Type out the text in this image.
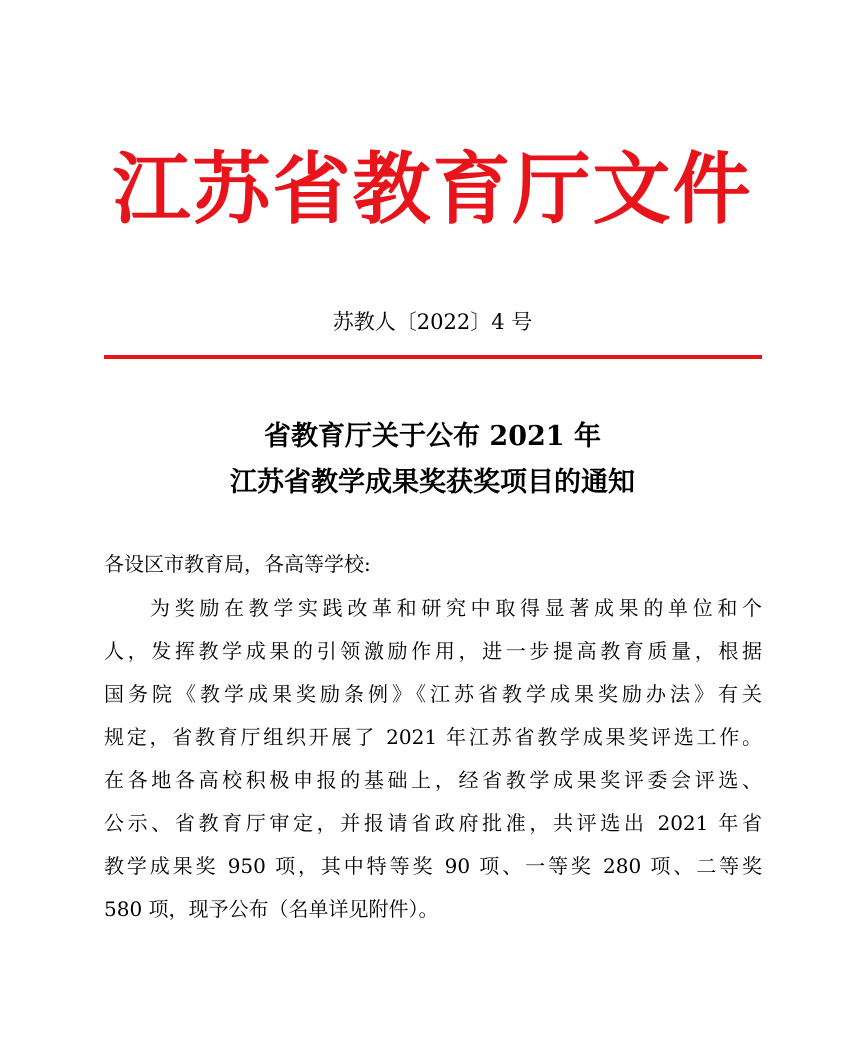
江苏省教育厅文件
苏教人〔2022〕4 号
省教育厅关于公布 2021 年
江苏省教学成果奖获奖项目的通知
各设区市教育局，各高等学校:
为奖励在教学实践改革和研究中取得显著成果的单位和个
人，发挥教学成果的引领激励作用，进一步提高教育质量，根据
国务院《教学成果奖励条例》《江苏省教学成果奖励办法》有关
规定，省教育厅组织开展了 2021 年江苏省教学成果奖评选工作。
在各地各高校积极申报的基础上，经省教学成果奖评委会评选、
公示、省教育厅审定，并报请省政府批准，共评选出 2021 年省
教学成果奖 950 项，其中特等奖 90 项、一等奖 280 项、二等奖
580 项，现予公布（名单详见附件）。
